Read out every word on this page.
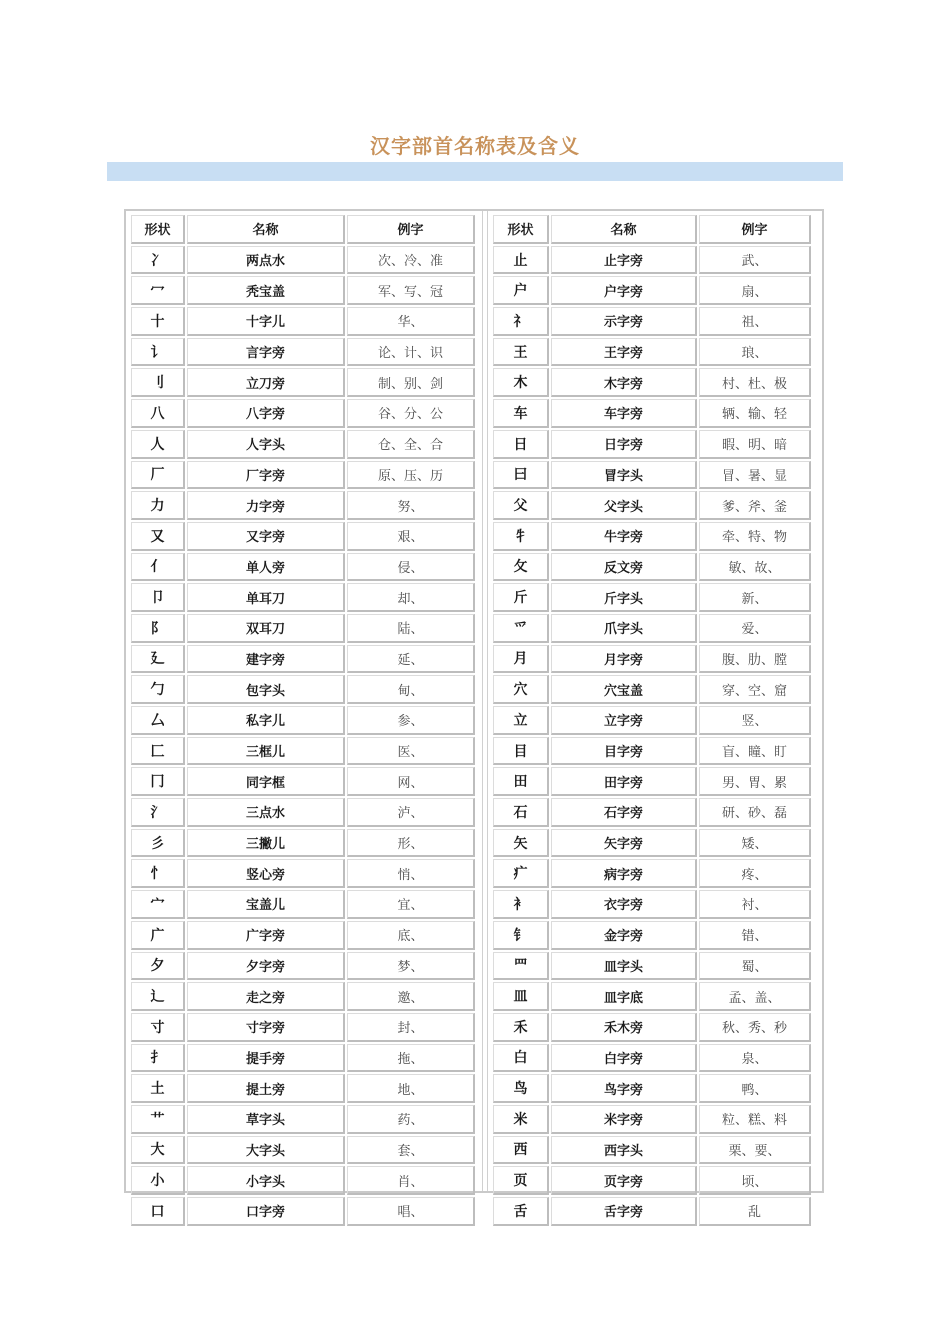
汉字部首名称表及含义
形状	名称	例字
冫	两点水	次、冷、准
冖	秃宝盖	军、写、冠
十	十字儿	华、
讠	言字旁	论、计、识
刂	立刀旁	制、别、剑
八	八字旁	谷、分、公
人	人字头	仓、全、合
厂	厂字旁	原、压、历
力	力字旁	努、
又	又字旁	艰、
亻	单人旁	侵、
卩	单耳刀	却、
阝	双耳刀	陆、
廴	建字旁	延、
勹	包字头	甸、
厶	私字儿	参、
匚	三框儿	医、
冂	同字框	网、
氵	三点水	泸、
彡	三撇儿	形、
忄	竖心旁	悄、
宀	宝盖儿	宜、
广	广字旁	底、
夕	夕字旁	梦、
辶	走之旁	邀、
寸	寸字旁	封、
扌	提手旁	拖、
土	提土旁	地、
艹	草字头	药、
大	大字头	套、
小	小字头	肖、
口	口字旁	唱、
形状	名称	例字
止	止字旁	武、
户	户字旁	扇、
礻	示字旁	祖、
王	王字旁	琅、
木	木字旁	村、杜、极
车	车字旁	辆、输、轻
日	日字旁	暇、明、暗
曰	冒字头	冒、暑、显
父	父字头	爹、斧、釜
牜	牛字旁	牵、特、物
攵	反文旁	敏、故、
斤	斤字头	新、
爫	爪字头	爱、
月	月字旁	腹、肋、膛
穴	穴宝盖	穿、空、窟
立	立字旁	竖、
目	目字旁	盲、瞳、盯
田	田字旁	男、胃、累
石	石字旁	研、砂、磊
矢	矢字旁	矮、
疒	病字旁	疼、
衤	衣字旁	衬、
钅	金字旁	错、
罒	皿字头	蜀、
皿	皿字底	孟、盖、
禾	禾木旁	秋、秀、秒
白	白字旁	泉、
鸟	鸟字旁	鸭、
米	米字旁	粒、糕、料
西	西字头	栗、要、
页	页字旁	顷、
舌	舌字旁	乱
